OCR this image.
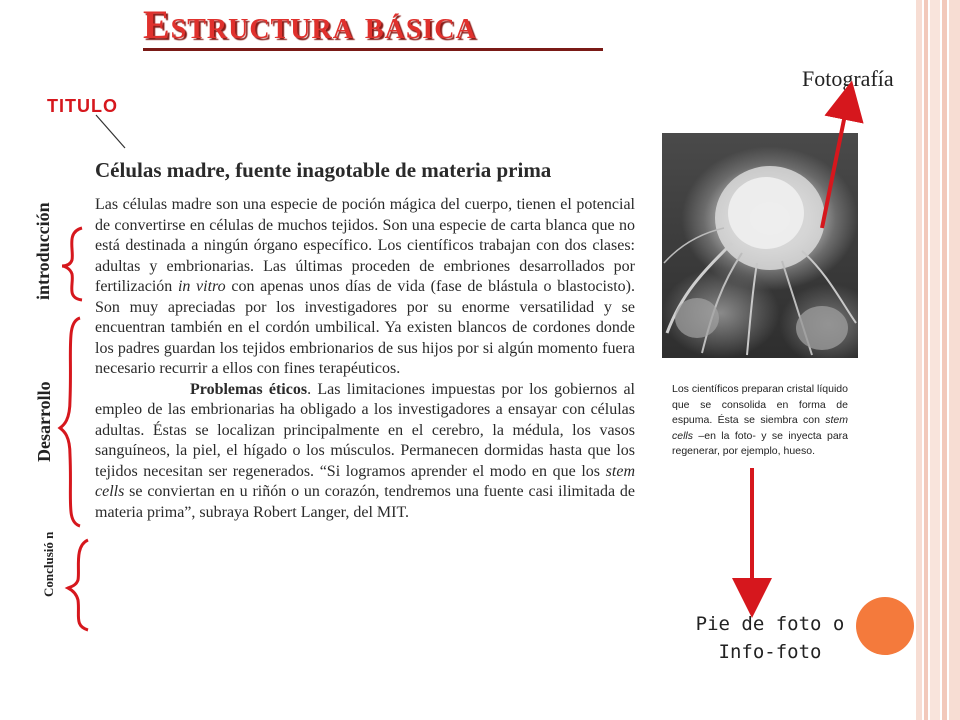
Estructura básica
TITULO
Fotografía
introducción
Desarrollo
Conclusió n

Células madre, fuente inagotable de materia prima

Las células madre son una especie de poción mágica del cuerpo, tienen el potencial de convertirse en células de muchos tejidos. Son una especie de carta blanca que no está destinada a ningún órgano específico. Los científicos trabajan con dos clases: adultas y embrionarias. Las últimas proceden de embriones desarrollados por fertilización in vitro con apenas unos días de vida (fase de blástula o blastocisto). Son muy apreciadas por los investigadores por su enorme versatilidad y se encuentran también en el cordón umbilical. Ya existen blancos de cordones donde los padres guardan los tejidos embrionarios de sus hijos por si algún momento fuera necesario recurrir a ellos con fines terapéuticos.

Problemas éticos. Las limitaciones impuestas por los gobiernos al empleo de las embrionarias ha obligado a los investigadores a ensayar con células adultas. Éstas se localizan principalmente en el cerebro, la médula, los vasos sanguíneos, la piel, el hígado o los músculos. Permanecen dormidas hasta que los tejidos necesitan ser regenerados. “Si logramos aprender el modo en que los stem cells se conviertan en u riñón o un corazón, tendremos una fuente casi ilimitada de materia prima”, subraya Robert Langer, del MIT.

Los científicos preparan cristal líquido que se consolida en forma de espuma. Ésta se siembra con stem cells –en la foto- y se inyecta para regenerar, por ejemplo, hueso.
Pie de foto o
Info-foto
